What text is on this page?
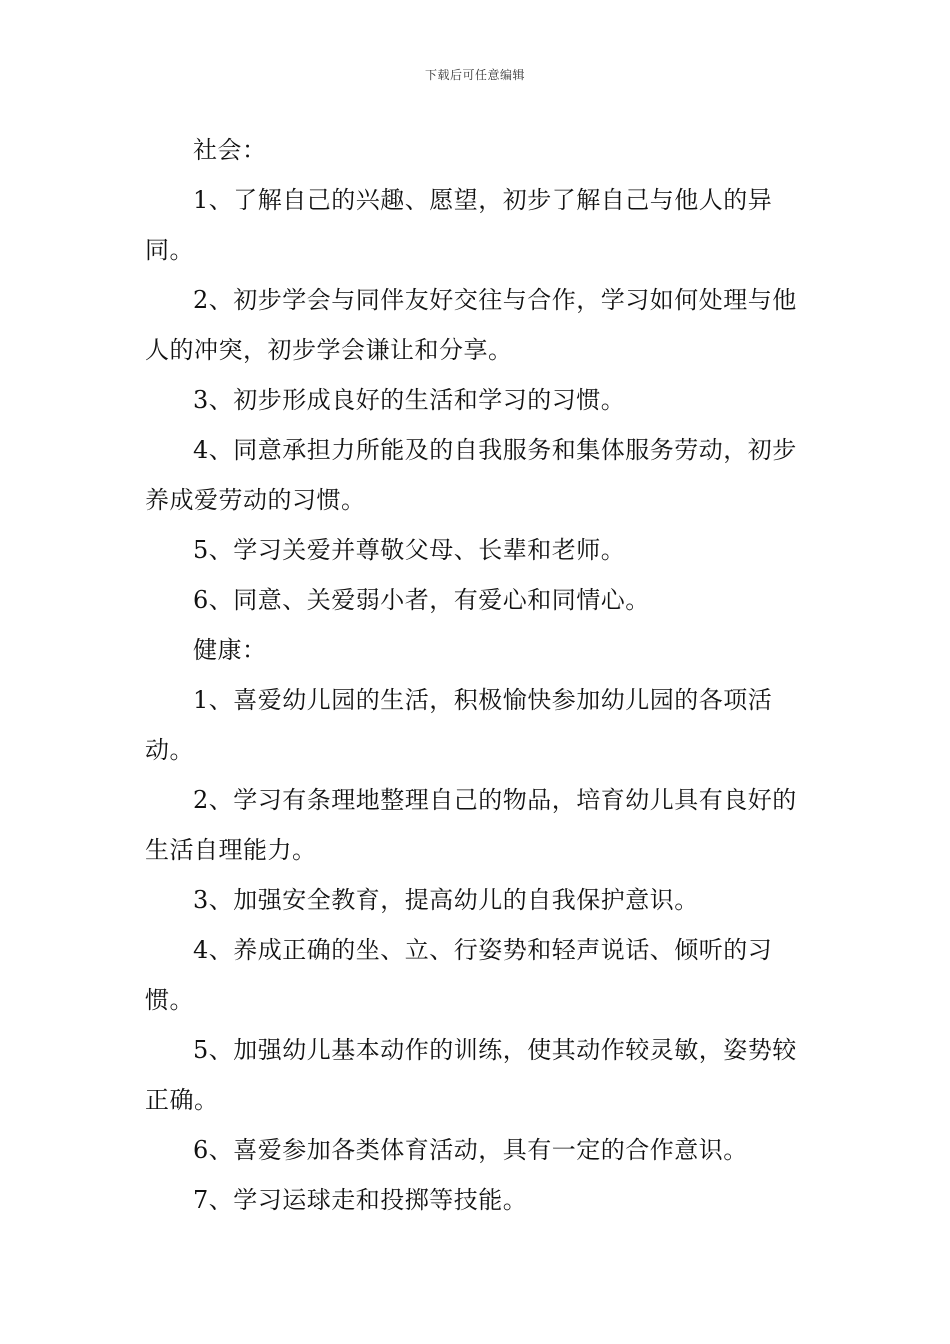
下载后可任意编辑

社会：

1、了解自己的兴趣、愿望，初步了解自己与他人的异同。

2、初步学会与同伴友好交往与合作，学习如何处理与他人的冲突，初步学会谦让和分享。

3、初步形成良好的生活和学习的习惯。

4、同意承担力所能及的自我服务和集体服务劳动，初步养成爱劳动的习惯。

5、学习关爱并尊敬父母、长辈和老师。

6、同意、关爱弱小者，有爱心和同情心。

健康：

1、喜爱幼儿园的生活，积极愉快参加幼儿园的各项活动。

2、学习有条理地整理自己的物品，培育幼儿具有良好的生活自理能力。

3、加强安全教育，提高幼儿的自我保护意识。

4、养成正确的坐、立、行姿势和轻声说话、倾听的习惯。

5、加强幼儿基本动作的训练，使其动作较灵敏，姿势较正确。

6、喜爱参加各类体育活动，具有一定的合作意识。

7、学习运球走和投掷等技能。
